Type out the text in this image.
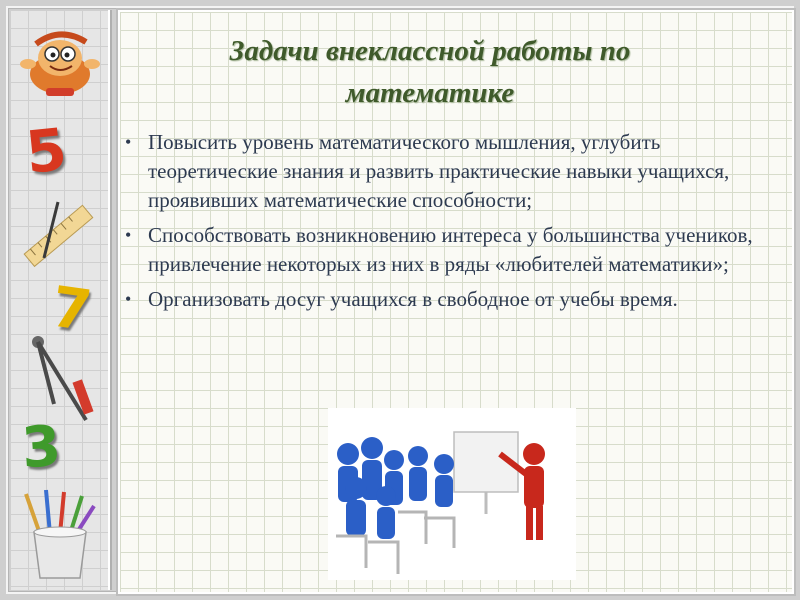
5
7
3
Задачи внеклассной работы по математике
• Повысить уровень математического мышления, углубить теоретические знания и развить практические навыки учащихся, проявивших математические способности;
• Способствовать возникновению интереса у большинства учеников, привлечение некоторых из них в ряды «любителей математики»;
• Организовать досуг учащихся в свободное от учебы время.
